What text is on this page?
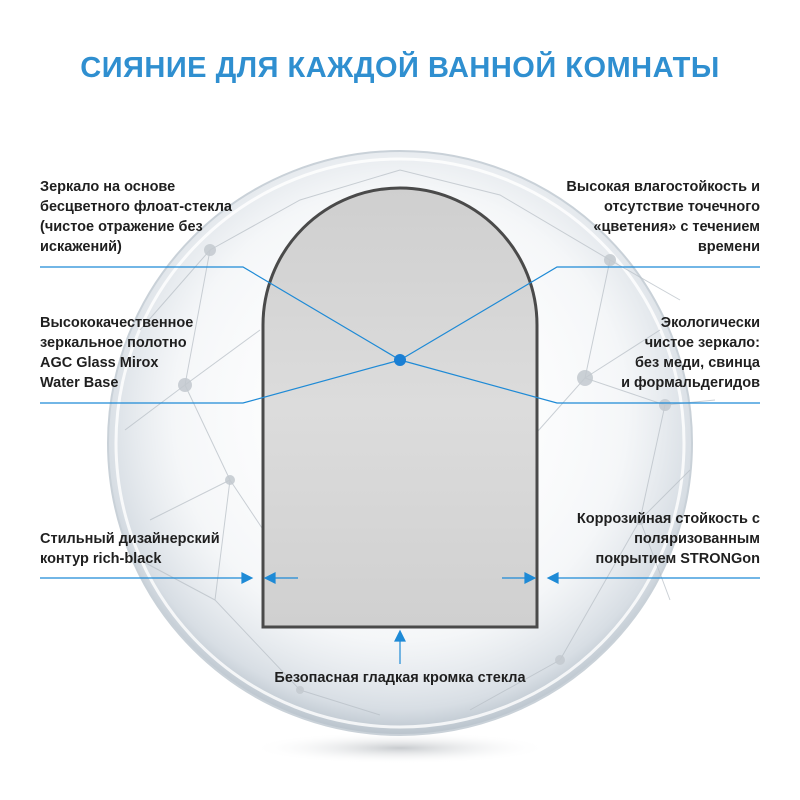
СИЯНИЕ ДЛЯ КАЖДОЙ ВАННОЙ КОМНАТЫ

Зеркало на основе
бесцветного флоат-стекла
(чистое отражение без
искажений)

Высококачественное
зеркальное полотно
AGC Glass Mirox
Water Base

Стильный дизайнерский
контур rich-black

Высокая влагостойкость и
отсутствие точечного
«цветения» с течением
времени

Экологически
чистое зеркало:
без меди, свинца
и формальдегидов

Коррозийная стойкость с
поляризованным
покрытием STRONGon

Безопасная гладкая кромка стекла
